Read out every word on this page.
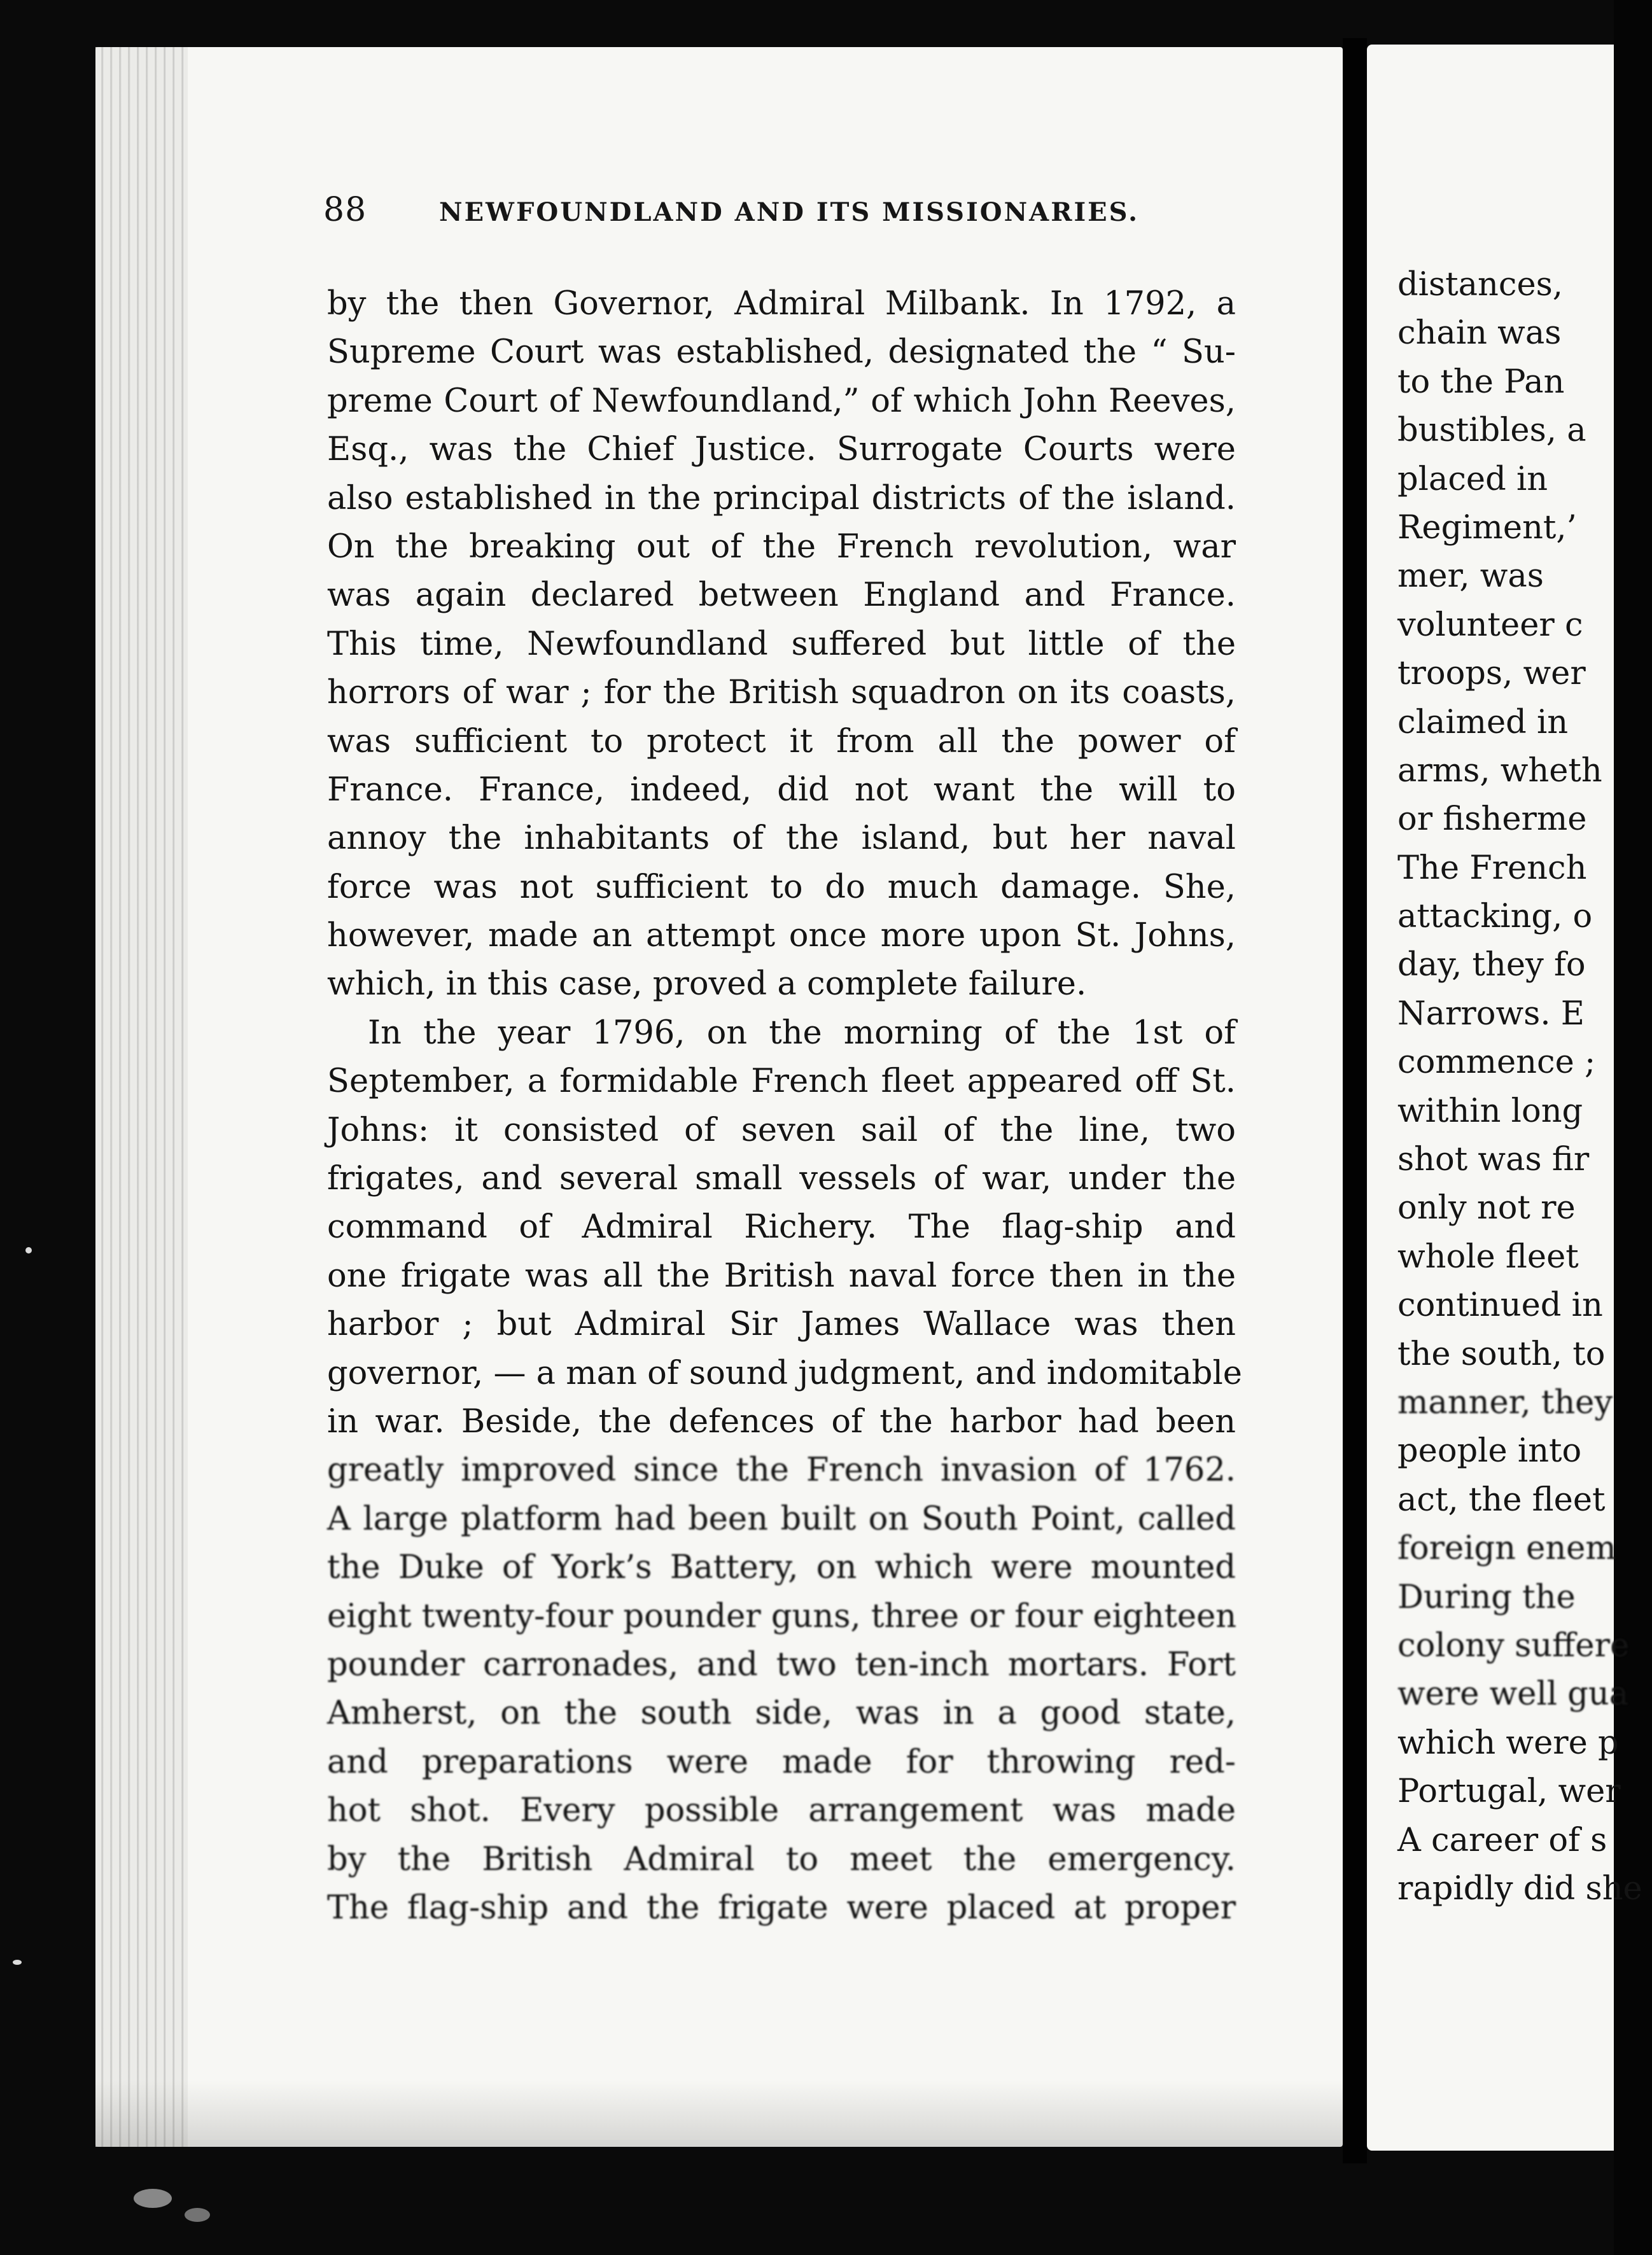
88	NEWFOUNDLAND AND ITS MISSIONARIES.
by the then Governor, Admiral Milbank. In 1792, a
Supreme Court was established, designated the “ Su-
preme Court of Newfoundland,” of which John Reeves,
Esq., was the Chief Justice. Surrogate Courts were
also established in the principal districts of the island.
On the breaking out of the French revolution, war
was again declared between England and France.
This time, Newfoundland suffered but little of the
horrors of war ; for the British squadron on its coasts,
was sufficient to protect it from all the power of
France. France, indeed, did not want the will to
annoy the inhabitants of the island, but her naval
force was not sufficient to do much damage. She,
however, made an attempt once more upon St. Johns,
which, in this case, proved a complete failure.
In the year 1796, on the morning of the 1st of
September, a formidable French fleet appeared off St.
Johns: it consisted of seven sail of the line, two
frigates, and several small vessels of war, under the
command of Admiral Richery. The flag-ship and
one frigate was all the British naval force then in the
harbor ; but Admiral Sir James Wallace was then
governor, — a man of sound judgment, and indomitable
in war. Beside, the defences of the harbor had been
greatly improved since the French invasion of 1762.
A large platform had been built on South Point, called
the Duke of York’s Battery, on which were mounted
eight twenty-four pounder guns, three or four eighteen
pounder carronades, and two ten-inch mortars. Fort
Amherst, on the south side, was in a good state,
and preparations were made for throwing red-
hot shot. Every possible arrangement was made
by the British Admiral to meet the emergency.
The flag-ship and the frigate were placed at proper
distances,
chain was
to the Pan
bustibles, a
placed in
Regiment,’
mer, was
volunteer c
troops, wer
claimed in
arms, wheth
or fisherme
The French
attacking, o
day, they fo
Narrows. E
commence ;
within long
shot was fir
only not re
whole fleet
continued in
the south, to
manner, they
people into
act, the fleet
foreign enem
During the
colony suffere
were well gua
which were p
Portugal, wer
A career of s
rapidly did she
